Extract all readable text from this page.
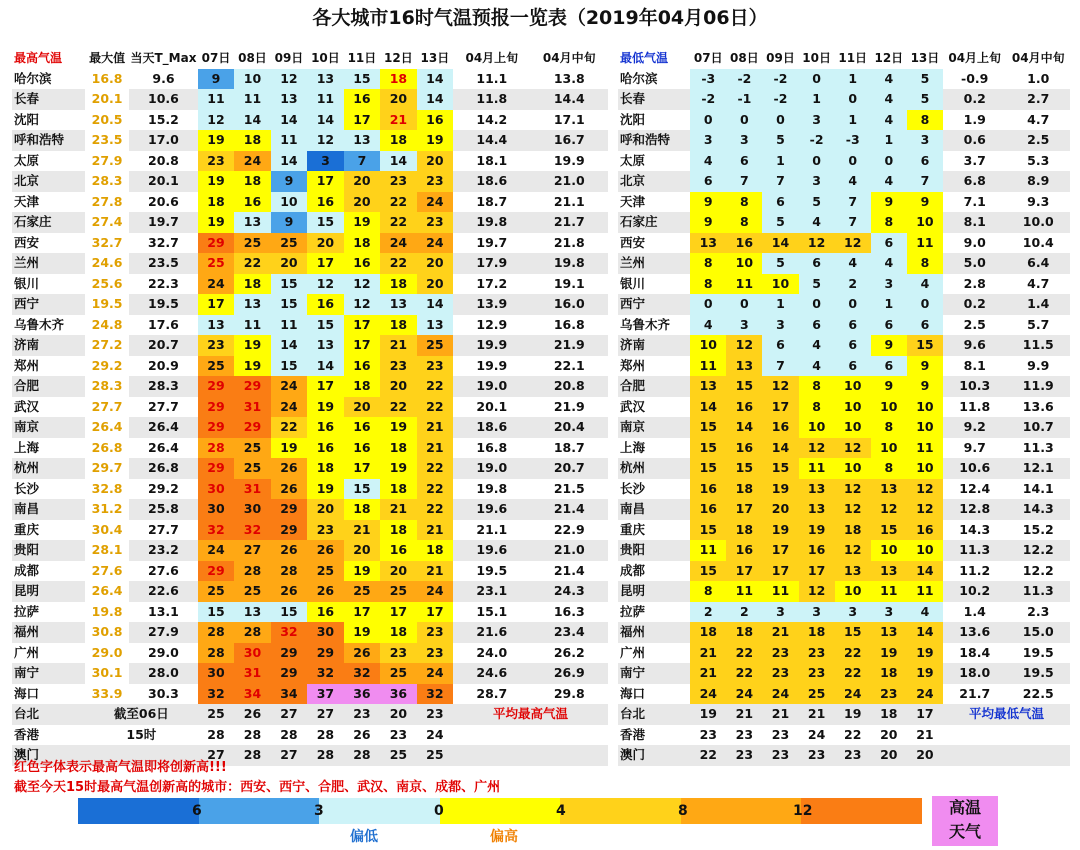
各大城市16时气温预报一览表（2019年04月06日）
最高气温	最大值	当天T_Max	07日	08日	09日	10日	11日	12日	13日	04月上旬	04月中旬
哈尔滨	16.8	9.6	9	10	12	13	15	18	14	11.1	13.8
长春	20.1	10.6	11	11	13	11	16	20	14	11.8	14.4
沈阳	20.5	15.2	12	14	14	14	17	21	16	14.2	17.1
呼和浩特	23.5	17.0	19	18	11	12	13	18	19	14.4	16.7
太原	27.9	20.8	23	24	14	3	7	14	20	18.1	19.9
北京	28.3	20.1	19	18	9	17	20	23	23	18.6	21.0
天津	27.8	20.6	18	16	10	16	20	22	24	18.7	21.1
石家庄	27.4	19.7	19	13	9	15	19	22	23	19.8	21.7
西安	32.7	32.7	29	25	25	20	18	24	24	19.7	21.8
兰州	24.6	23.5	25	22	20	17	16	22	20	17.9	19.8
银川	25.6	22.3	24	18	15	12	12	18	20	17.2	19.1
西宁	19.5	19.5	17	13	15	16	12	13	14	13.9	16.0
乌鲁木齐	24.8	17.6	13	11	11	15	17	18	13	12.9	16.8
济南	27.2	20.7	23	19	14	13	17	21	25	19.9	21.9
郑州	29.2	20.9	25	19	15	14	16	23	23	19.9	22.1
合肥	28.3	28.3	29	29	24	17	18	20	22	19.0	20.8
武汉	27.7	27.7	29	31	24	19	20	22	22	20.1	21.9
南京	26.4	26.4	29	29	22	16	16	19	21	18.6	20.4
上海	26.8	26.4	28	25	19	16	16	18	21	16.8	18.7
杭州	29.7	26.8	29	25	26	18	17	19	22	19.0	20.7
长沙	32.8	29.2	30	31	26	19	15	18	22	19.8	21.5
南昌	31.2	25.8	30	30	29	20	18	21	22	19.6	21.4
重庆	30.4	27.7	32	32	29	23	21	18	21	21.1	22.9
贵阳	28.1	23.2	24	27	26	26	20	16	18	19.6	21.0
成都	27.6	27.6	29	28	28	25	19	20	21	19.5	21.4
昆明	26.4	22.6	25	25	26	26	25	25	24	23.1	24.3
拉萨	19.8	13.1	15	13	15	16	17	17	17	15.1	16.3
福州	30.8	27.9	28	28	32	30	19	18	23	21.6	23.4
广州	29.0	29.0	28	30	29	29	26	23	23	24.0	26.2
南宁	30.1	28.0	30	31	29	32	32	25	24	24.6	26.9
海口	33.9	30.3	32	34	34	37	36	36	32	28.7	29.8
台北	截至06日		25	26	27	27	23	20	23	平均最高气温	
香港	15时		28	28	28	28	26	23	24		
澳门			27	28	27	28	28	25	25		
最低气温	07日	08日	09日	10日	11日	12日	13日	04月上旬	04月中旬
哈尔滨	-3	-2	-2	0	1	4	5	-0.9	1.0
长春	-2	-1	-2	1	0	4	5	0.2	2.7
沈阳	0	0	0	3	1	4	8	1.9	4.7
呼和浩特	3	3	5	-2	-3	1	3	0.6	2.5
太原	4	6	1	0	0	0	6	3.7	5.3
北京	6	7	7	3	4	4	7	6.8	8.9
天津	9	8	6	5	7	9	9	7.1	9.3
石家庄	9	8	5	4	7	8	10	8.1	10.0
西安	13	16	14	12	12	6	11	9.0	10.4
兰州	8	10	5	6	4	4	8	5.0	6.4
银川	8	11	10	5	2	3	4	2.8	4.7
西宁	0	0	1	0	0	1	0	0.2	1.4
乌鲁木齐	4	3	3	6	6	6	6	2.5	5.7
济南	10	12	6	4	6	9	15	9.6	11.5
郑州	11	13	7	4	6	6	9	8.1	9.9
合肥	13	15	12	8	10	9	9	10.3	11.9
武汉	14	16	17	8	10	10	10	11.8	13.6
南京	15	14	16	10	10	8	10	9.2	10.7
上海	15	16	14	12	12	10	11	9.7	11.3
杭州	15	15	15	11	10	8	10	10.6	12.1
长沙	16	18	19	13	12	13	12	12.4	14.1
南昌	16	17	20	13	12	12	12	12.8	14.3
重庆	15	18	19	19	18	15	16	14.3	15.2
贵阳	11	16	17	16	12	10	10	11.3	12.2
成都	15	17	17	17	13	13	14	11.2	12.2
昆明	8	11	11	12	10	11	11	10.2	11.3
拉萨	2	2	3	3	3	3	4	1.4	2.3
福州	18	18	21	18	15	13	14	13.6	15.0
广州	21	22	23	23	22	19	19	18.4	19.5
南宁	21	22	23	23	22	18	19	18.0	19.5
海口	24	24	24	25	24	23	24	21.7	22.5
台北	19	21	21	21	19	18	17	平均最低气温	
香港	23	23	23	24	22	20	21		
澳门	22	23	23	23	23	20	20		
红色字体表示最高气温即将创新高!!!
截至今天15时最高气温创新高的城市：西安、西宁、合肥、武汉、南京、成都、广州
6	3	0	4	8	12
偏低	偏高
高温
天气
